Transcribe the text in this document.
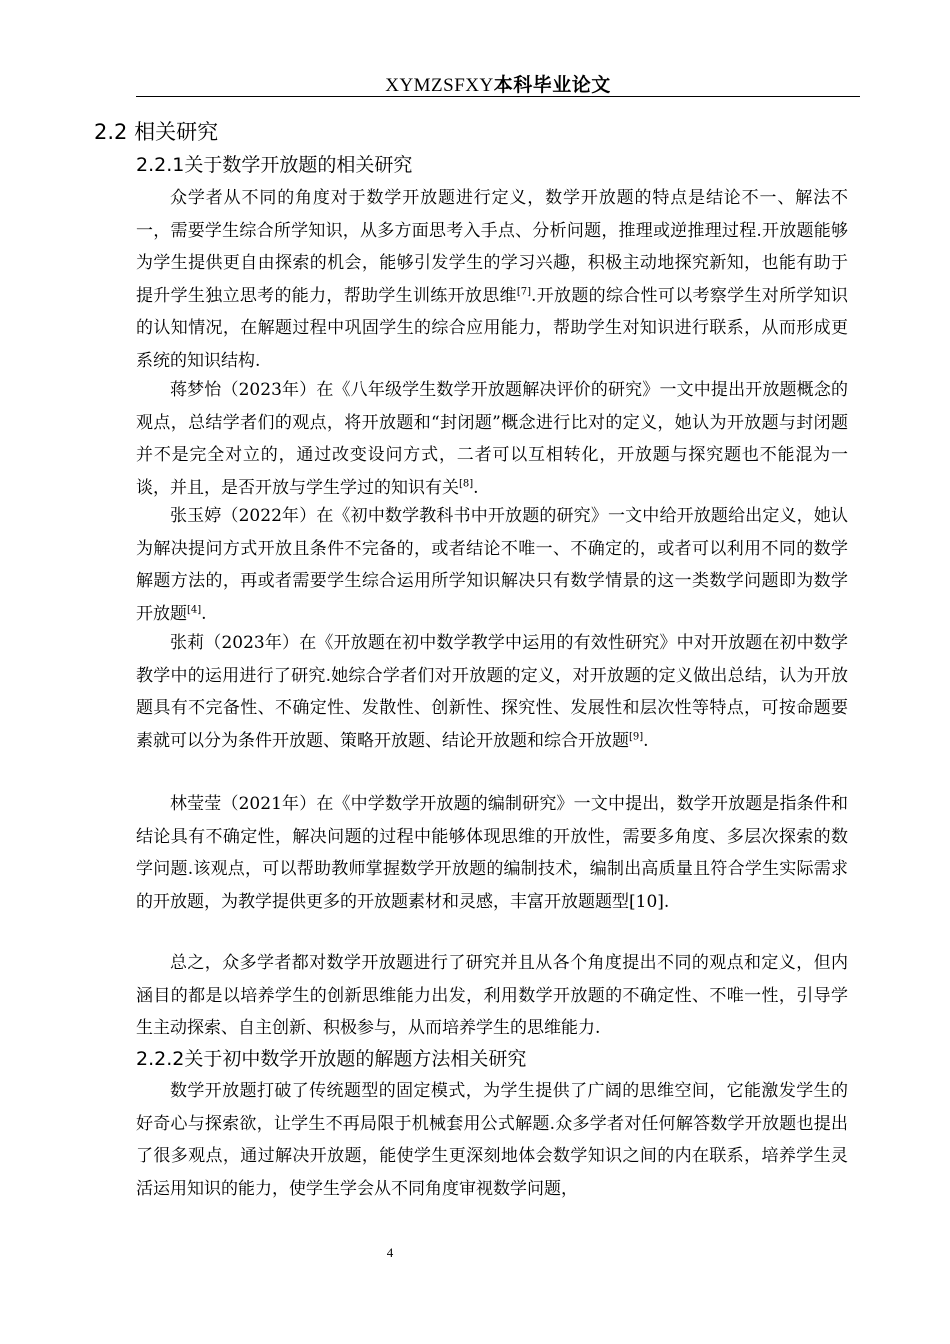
XYMZSFXY本科毕业论文
2.2 相关研究
2.2.1关于数学开放题的相关研究

众学者从不同的角度对于数学开放题进行定义，数学开放题的特点是结论不一、解法不一，需要学生综合所学知识，从多方面思考入手点、分析问题，推理或逆推理过程.开放题能够为学生提供更自由探索的机会，能够引发学生的学习兴趣，积极主动地探究新知，也能有助于提升学生独立思考的能力，帮助学生训练开放思维[7].开放题的综合性可以考察学生对所学知识的认知情况，在解题过程中巩固学生的综合应用能力，帮助学生对知识进行联系，从而形成更系统的知识结构.

蒋梦怡（2023年）在《八年级学生数学开放题解决评价的研究》一文中提出开放题概念的观点，总结学者们的观点，将开放题和“封闭题”概念进行比对的定义，她认为开放题与封闭题并不是完全对立的，通过改变设问方式，二者可以互相转化，开放题与探究题也不能混为一谈，并且，是否开放与学生学过的知识有关[8].

张玉婷（2022年）在《初中数学教科书中开放题的研究》一文中给开放题给出定义，她认为解决提问方式开放且条件不完备的，或者结论不唯一、不确定的，或者可以利用不同的数学解题方法的，再或者需要学生综合运用所学知识解决只有数学情景的这一类数学问题即为数学开放题[4].

张莉（2023年）在《开放题在初中数学教学中运用的有效性研究》中对开放题在初中数学教学中的运用进行了研究.她综合学者们对开放题的定义，对开放题的定义做出总结，认为开放题具有不完备性、不确定性、发散性、创新性、探究性、发展性和层次性等特点，可按命题要素就可以分为条件开放题、策略开放题、结论开放题和综合开放题[9].

林莹莹（2021年）在《中学数学开放题的编制研究》一文中提出，数学开放题是指条件和结论具有不确定性，解决问题的过程中能够体现思维的开放性，需要多角度、多层次探索的数学问题.该观点，可以帮助教师掌握数学开放题的编制技术，编制出高质量且符合学生实际需求的开放题，为教学提供更多的开放题素材和灵感，丰富开放题题型[10].

总之，众多学者都对数学开放题进行了研究并且从各个角度提出不同的观点和定义，但内涵目的都是以培养学生的创新思维能力出发，利用数学开放题的不确定性、不唯一性，引导学生主动探索、自主创新、积极参与，从而培养学生的思维能力.

2.2.2关于初中数学开放题的解题方法相关研究

数学开放题打破了传统题型的固定模式，为学生提供了广阔的思维空间，它能激发学生的好奇心与探索欲，让学生不再局限于机械套用公式解题.众多学者对任何解答数学开放题也提出了很多观点，通过解决开放题，能使学生更深刻地体会数学知识之间的内在联系，培养学生灵活运用知识的能力，使学生学会从不同角度审视数学问题，

4
